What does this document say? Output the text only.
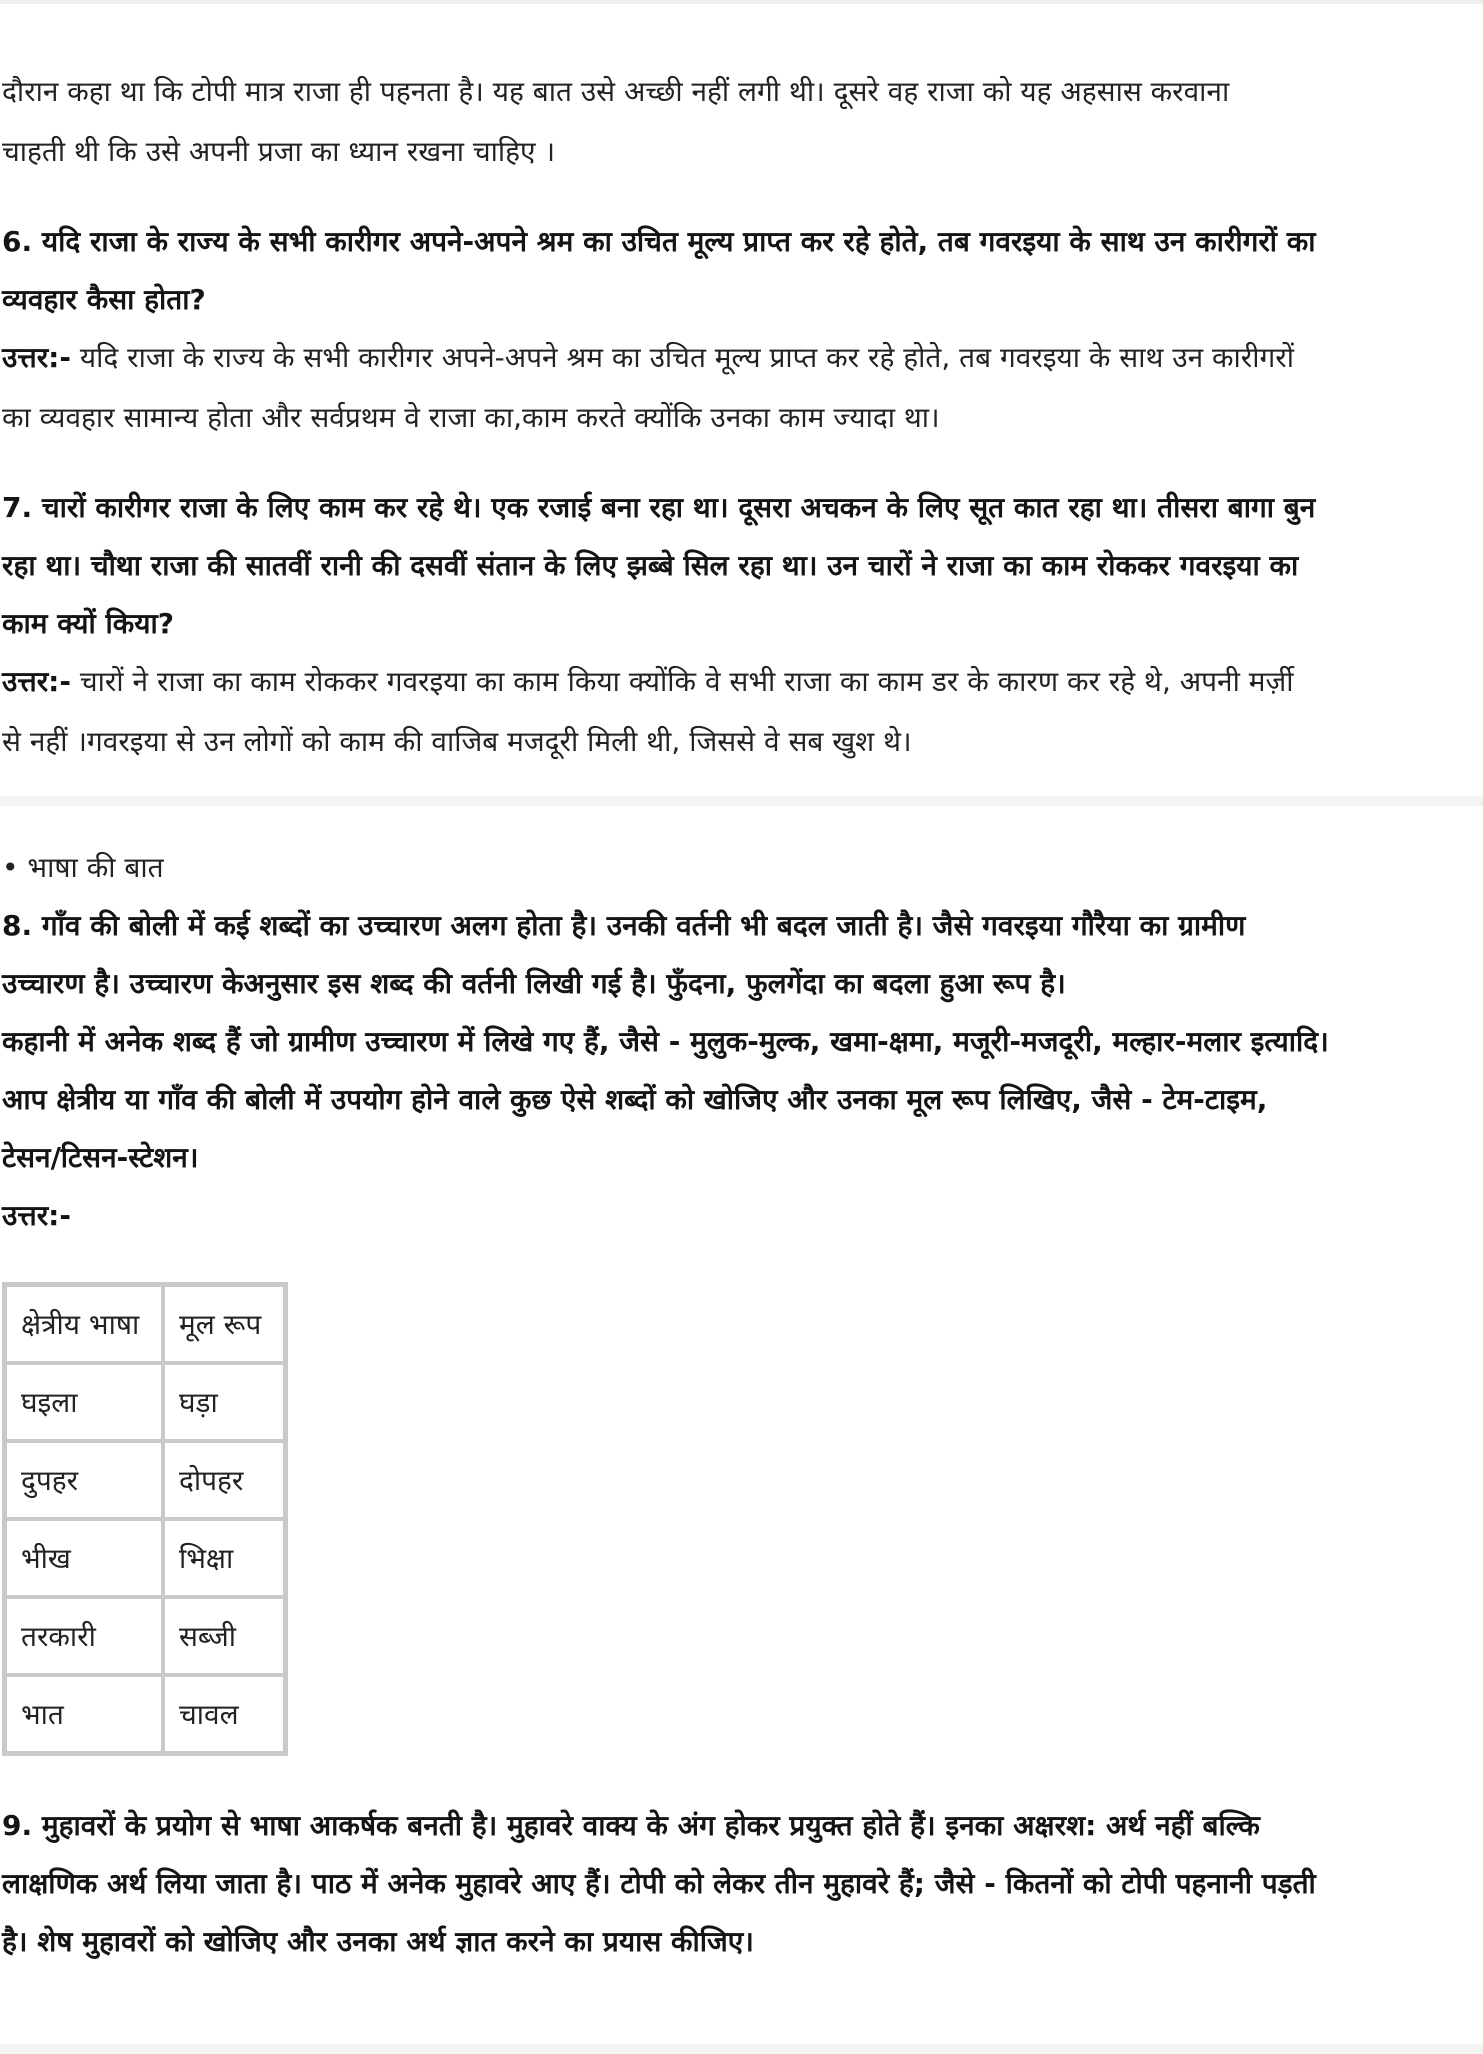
दौरान कहा था कि टोपी मात्र राजा ही पहनता है। यह बात उसे अच्छी नहीं लगी थी। दूसरे वह राजा को यह अहसास करवाना
चाहती थी कि उसे अपनी प्रजा का ध्यान रखना चाहिए ।
6. यदि राजा के राज्य के सभी कारीगर अपने-अपने श्रम का उचित मूल्य प्राप्त कर रहे होते, तब गवरइया के साथ उन कारीगरों का
व्यवहार कैसा होता?
उत्तर:- यदि राजा के राज्य के सभी कारीगर अपने-अपने श्रम का उचित मूल्य प्राप्त कर रहे होते, तब गवरइया के साथ उन कारीगरों
का व्यवहार सामान्य होता और सर्वप्रथम वे राजा का,काम करते क्योंकि उनका काम ज्यादा था।
7. चारों कारीगर राजा के लिए काम कर रहे थे। एक रजाई बना रहा था। दूसरा अचकन के लिए सूत कात रहा था। तीसरा बागा बुन
रहा था। चौथा राजा की सातवीं रानी की दसवीं संतान के लिए झब्बे सिल रहा था। उन चारों ने राजा का काम रोककर गवरइया का
काम क्यों किया?
उत्तर:- चारों ने राजा का काम रोककर गवरइया का काम किया क्योंकि वे सभी राजा का काम डर के कारण कर रहे थे, अपनी मर्ज़ी
से नहीं ।गवरइया से उन लोगों को काम की वाजिब मजदूरी मिली थी, जिससे वे सब खुश थे।
• भाषा की बात
8. गाँव की बोली में कई शब्दों का उच्चारण अलग होता है। उनकी वर्तनी भी बदल जाती है। जैसे गवरइया गौरैया का ग्रामीण
उच्चारण है। उच्चारण केअनुसार इस शब्द की वर्तनी लिखी गई है। फुँदना, फुलगेंदा का बदला हुआ रूप है।
कहानी में अनेक शब्द हैं जो ग्रामीण उच्चारण में लिखे गए हैं, जैसे - मुलुक-मुल्क, खमा-क्षमा, मजूरी-मजदूरी, मल्हार-मलार इत्यादि।
आप क्षेत्रीय या गाँव की बोली में उपयोग होने वाले कुछ ऐसे शब्दों को खोजिए और उनका मूल रूप लिखिए, जैसे - टेम-टाइम,
टेसन/टिसन-स्टेशन।
उत्तर:-
क्षेत्रीय भाषा	मूल रूप
घइला	घड़ा
दुपहर	दोपहर
भीख	भिक्षा
तरकारी	सब्जी
भात	चावल
9. मुहावरों के प्रयोग से भाषा आकर्षक बनती है। मुहावरे वाक्य के अंग होकर प्रयुक्त होते हैं। इनका अक्षरश: अर्थ नहीं बल्कि
लाक्षणिक अर्थ लिया जाता है। पाठ में अनेक मुहावरे आए हैं। टोपी को लेकर तीन मुहावरे हैं; जैसे - कितनों को टोपी पहनानी पड़ती
है। शेष मुहावरों को खोजिए और उनका अर्थ ज्ञात करने का प्रयास कीजिए।
